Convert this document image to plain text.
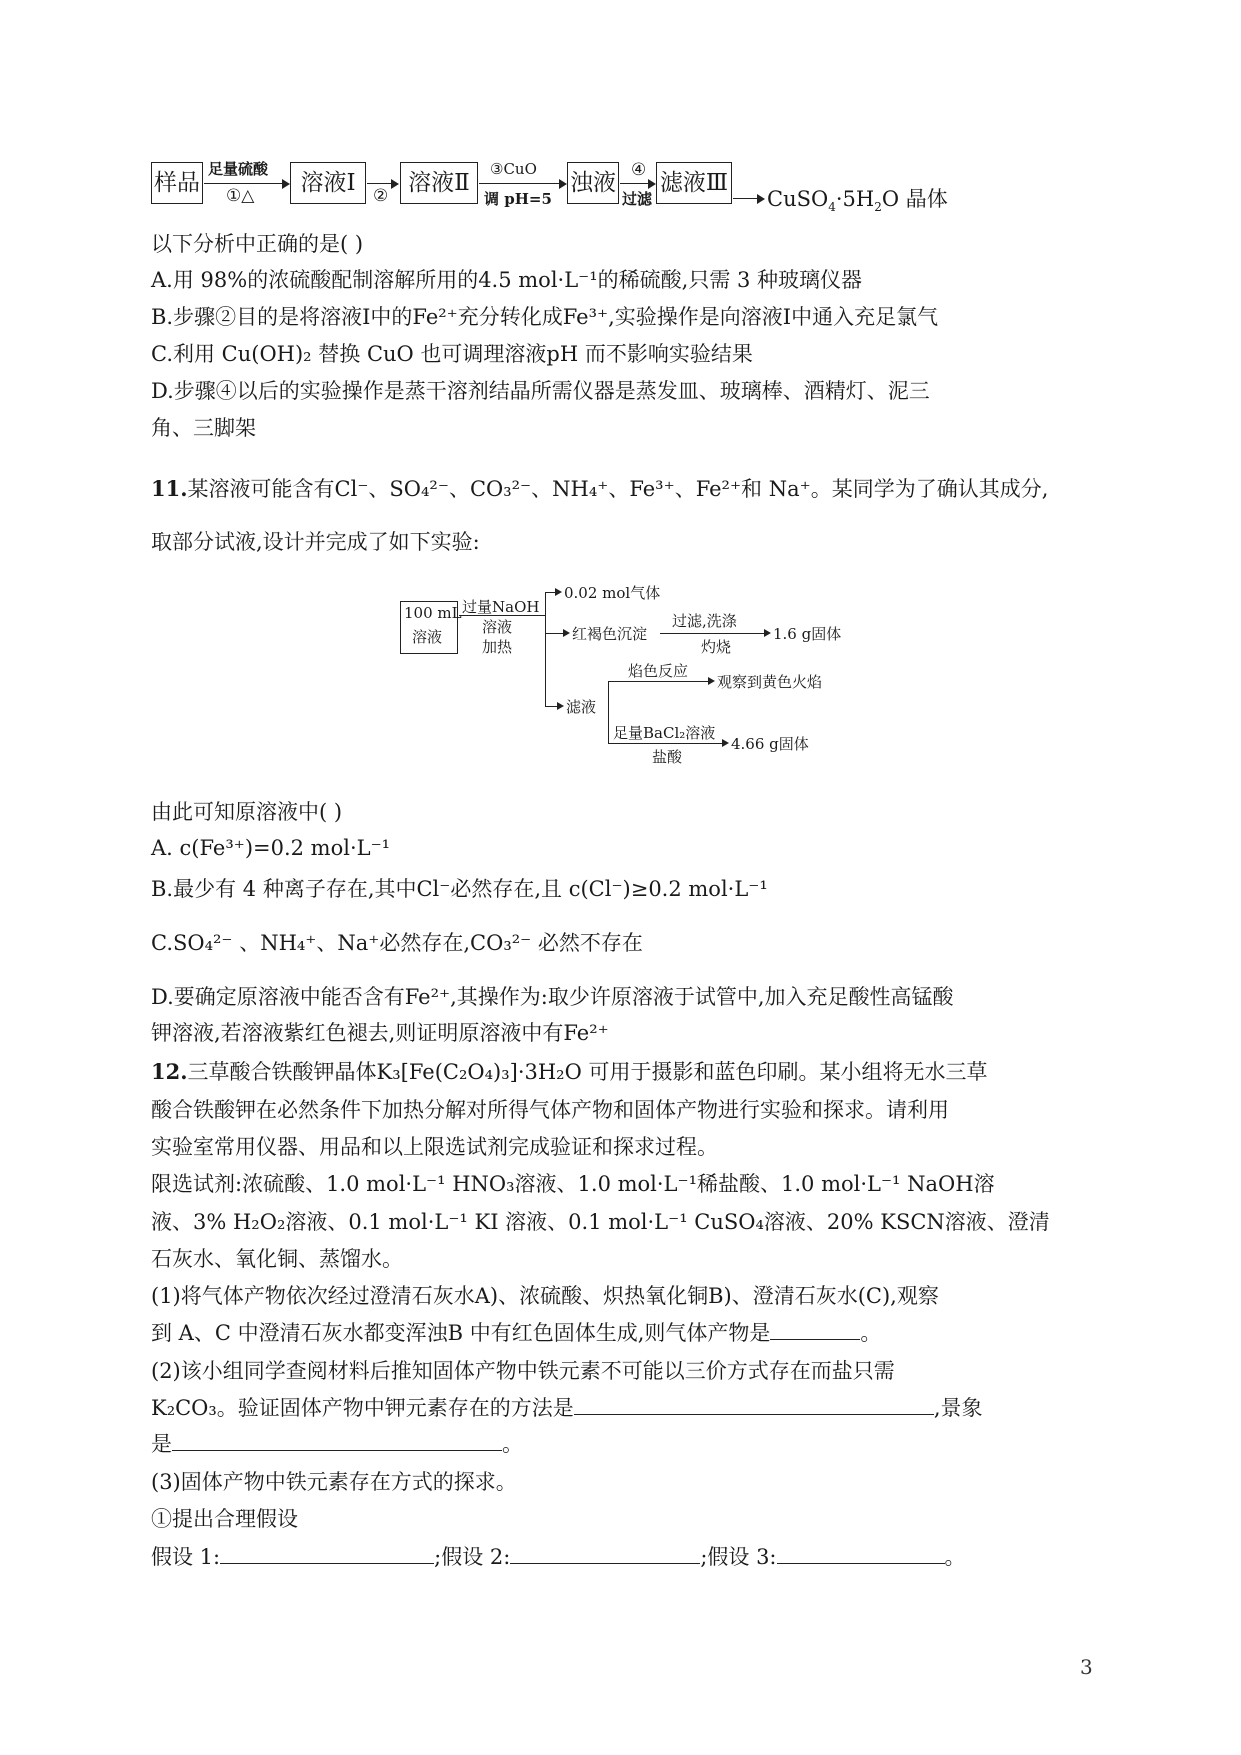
样品
足量硫酸
①△	溶液Ⅰ	② 溶液Ⅱ
③CuO
调 pH=5
浊液 ④
过滤
滤液Ⅲ
$CuSO_4\cdot 5H_2O$ 晶体
以下分析中正确的是( )
A.用 98%的浓硫酸配制溶解所用的4.5 mol·L⁻¹的稀硫酸,只需 3 种玻璃仪器
B.步骤②目的是将溶液Ⅰ中的Fe²⁺充分转化成Fe³⁺,实验操作是向溶液Ⅰ中通入充足氯气
C.利用 Cu(OH)₂ 替换 CuO 也可调理溶液pH 而不影响实验结果
D.步骤④以后的实验操作是蒸干溶剂结晶所需仪器是蒸发皿、玻璃棒、酒精灯、泥三
角、三脚架
11.某溶液可能含有Cl⁻、SO₄²⁻、CO₃²⁻、NH₄⁺、Fe³⁺、Fe²⁺和 Na⁺。某同学为了确认其成分,
取部分试液,设计并完成了如下实验:
100 mL
溶液
过量NaOH
溶液
加热
0.02 mol气体
红褐色沉淀
过滤,洗涤
灼烧
1.6 g固体
滤液
焰色反应
观察到黄色火焰
足量BaCl₂溶液
盐酸
4.66 g固体
由此可知原溶液中( )
A. c(Fe³⁺)=0.2 mol·L⁻¹
B.最少有 4 种离子存在,其中Cl⁻必然存在,且 c(Cl⁻)≥0.2 mol·L⁻¹
C.SO₄²⁻ 、NH₄⁺、Na⁺必然存在,CO₃²⁻ 必然不存在
D.要确定原溶液中能否含有Fe²⁺,其操作为:取少许原溶液于试管中,加入充足酸性高锰酸
钾溶液,若溶液紫红色褪去,则证明原溶液中有Fe²⁺
12.三草酸合铁酸钾晶体K₃[Fe(C₂O₄)₃]·3H₂O 可用于摄影和蓝色印刷。某小组将无水三草
酸合铁酸钾在必然条件下加热分解对所得气体产物和固体产物进行实验和探求。请利用
实验室常用仪器、用品和以上限选试剂完成验证和探求过程。
限选试剂:浓硫酸、1.0 mol·L⁻¹ HNO₃溶液、1.0 mol·L⁻¹稀盐酸、1.0 mol·L⁻¹ NaOH溶
液、3% H₂O₂溶液、0.1 mol·L⁻¹ KI 溶液、0.1 mol·L⁻¹ CuSO₄溶液、20% KSCN溶液、澄清
石灰水、氧化铜、蒸馏水。
(1)将气体产物依次经过澄清石灰水A)、浓硫酸、炽热氧化铜B)、澄清石灰水(C),观察
到 A、C 中澄清石灰水都变浑浊B 中有红色固体生成,则气体产物是	。
(2)该小组同学查阅材料后推知固体产物中铁元素不可能以三价方式存在而盐只需
K₂CO₃。验证固体产物中钾元素存在的方法是	,景象
是	。
(3)固体产物中铁元素存在方式的探求。
①提出合理假设
假设 1:	;假设 2:	;假设 3:	。
3
